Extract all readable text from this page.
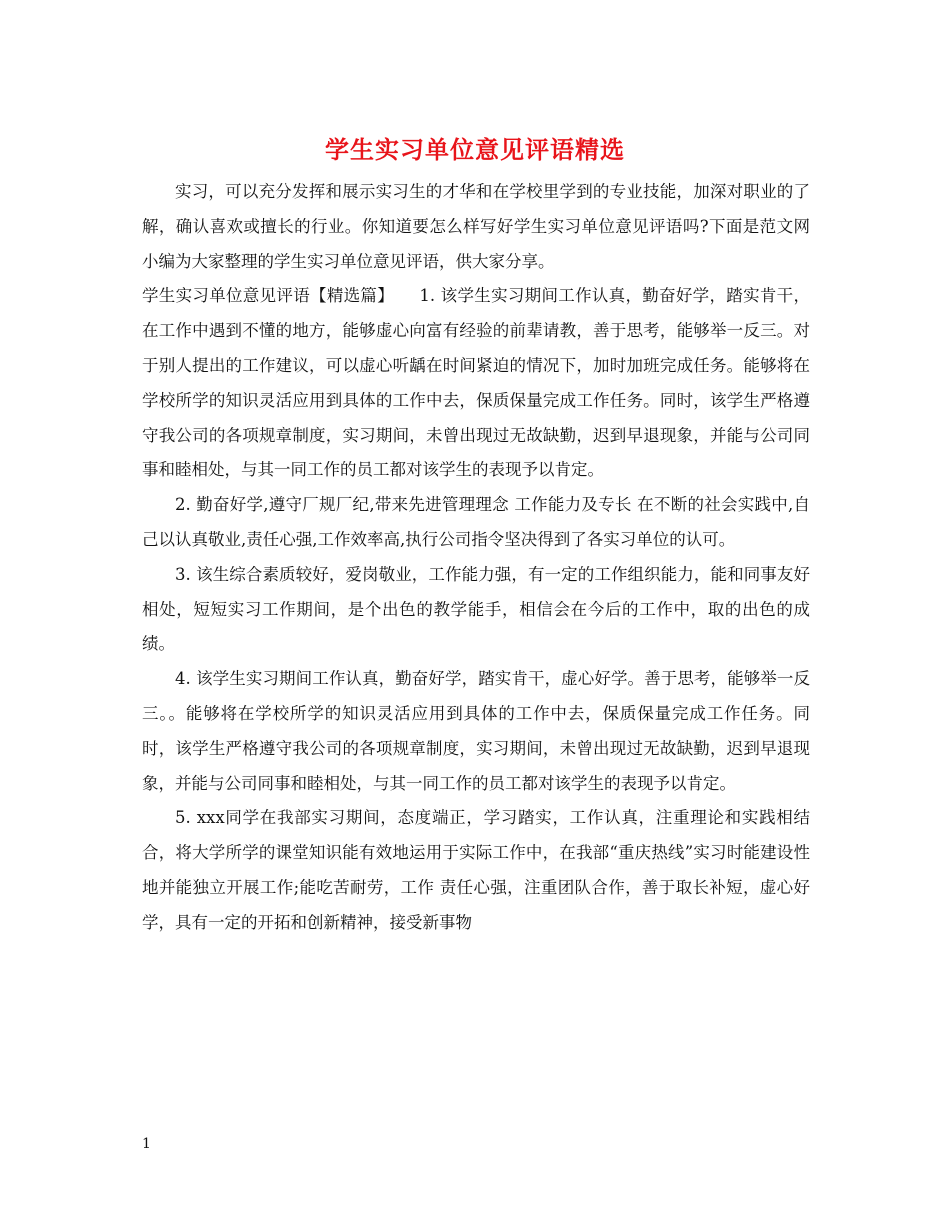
学生实习单位意见评语精选

实习，可以充分发挥和展示实习生的才华和在学校里学到的专业技能，加深对职业的了解，确认喜欢或擅长的行业。你知道要怎么样写好学生实习单位意见评语吗?下面是范文网小编为大家整理的学生实习单位意见评语，供大家分享。

学生实习单位意见评语【精选篇】　　1. 该学生实习期间工作认真，勤奋好学，踏实肯干，在工作中遇到不懂的地方，能够虚心向富有经验的前辈请教，善于思考，能够举一反三。对于别人提出的工作建议，可以虚心听龋在时间紧迫的情况下，加时加班完成任务。能够将在学校所学的知识灵活应用到具体的工作中去，保质保量完成工作任务。同时，该学生严格遵守我公司的各项规章制度，实习期间，未曾出现过无故缺勤，迟到早退现象，并能与公司同事和睦相处，与其一同工作的员工都对该学生的表现予以肯定。

2. 勤奋好学,遵守厂规厂纪,带来先进管理理念 工作能力及专长 在不断的社会实践中,自己以认真敬业,责任心强,工作效率高,执行公司指令坚决得到了各实习单位的认可。

3. 该生综合素质较好，爱岗敬业，工作能力强，有一定的工作组织能力，能和同事友好相处，短短实习工作期间，是个出色的教学能手，相信会在今后的工作中，取的出色的成绩。

4. 该学生实习期间工作认真，勤奋好学，踏实肯干，虚心好学。善于思考，能够举一反三。。能够将在学校所学的知识灵活应用到具体的工作中去，保质保量完成工作任务。同时，该学生严格遵守我公司的各项规章制度，实习期间，未曾出现过无故缺勤，迟到早退现象，并能与公司同事和睦相处，与其一同工作的员工都对该学生的表现予以肯定。

5. xxx同学在我部实习期间，态度端正，学习踏实，工作认真，注重理论和实践相结合，将大学所学的课堂知识能有效地运用于实际工作中，在我部“重庆热线”实习时能建设性地并能独立开展工作;能吃苦耐劳，工作 责任心强，注重团队合作，善于取长补短，虚心好学，具有一定的开拓和创新精神，接受新事物

1
